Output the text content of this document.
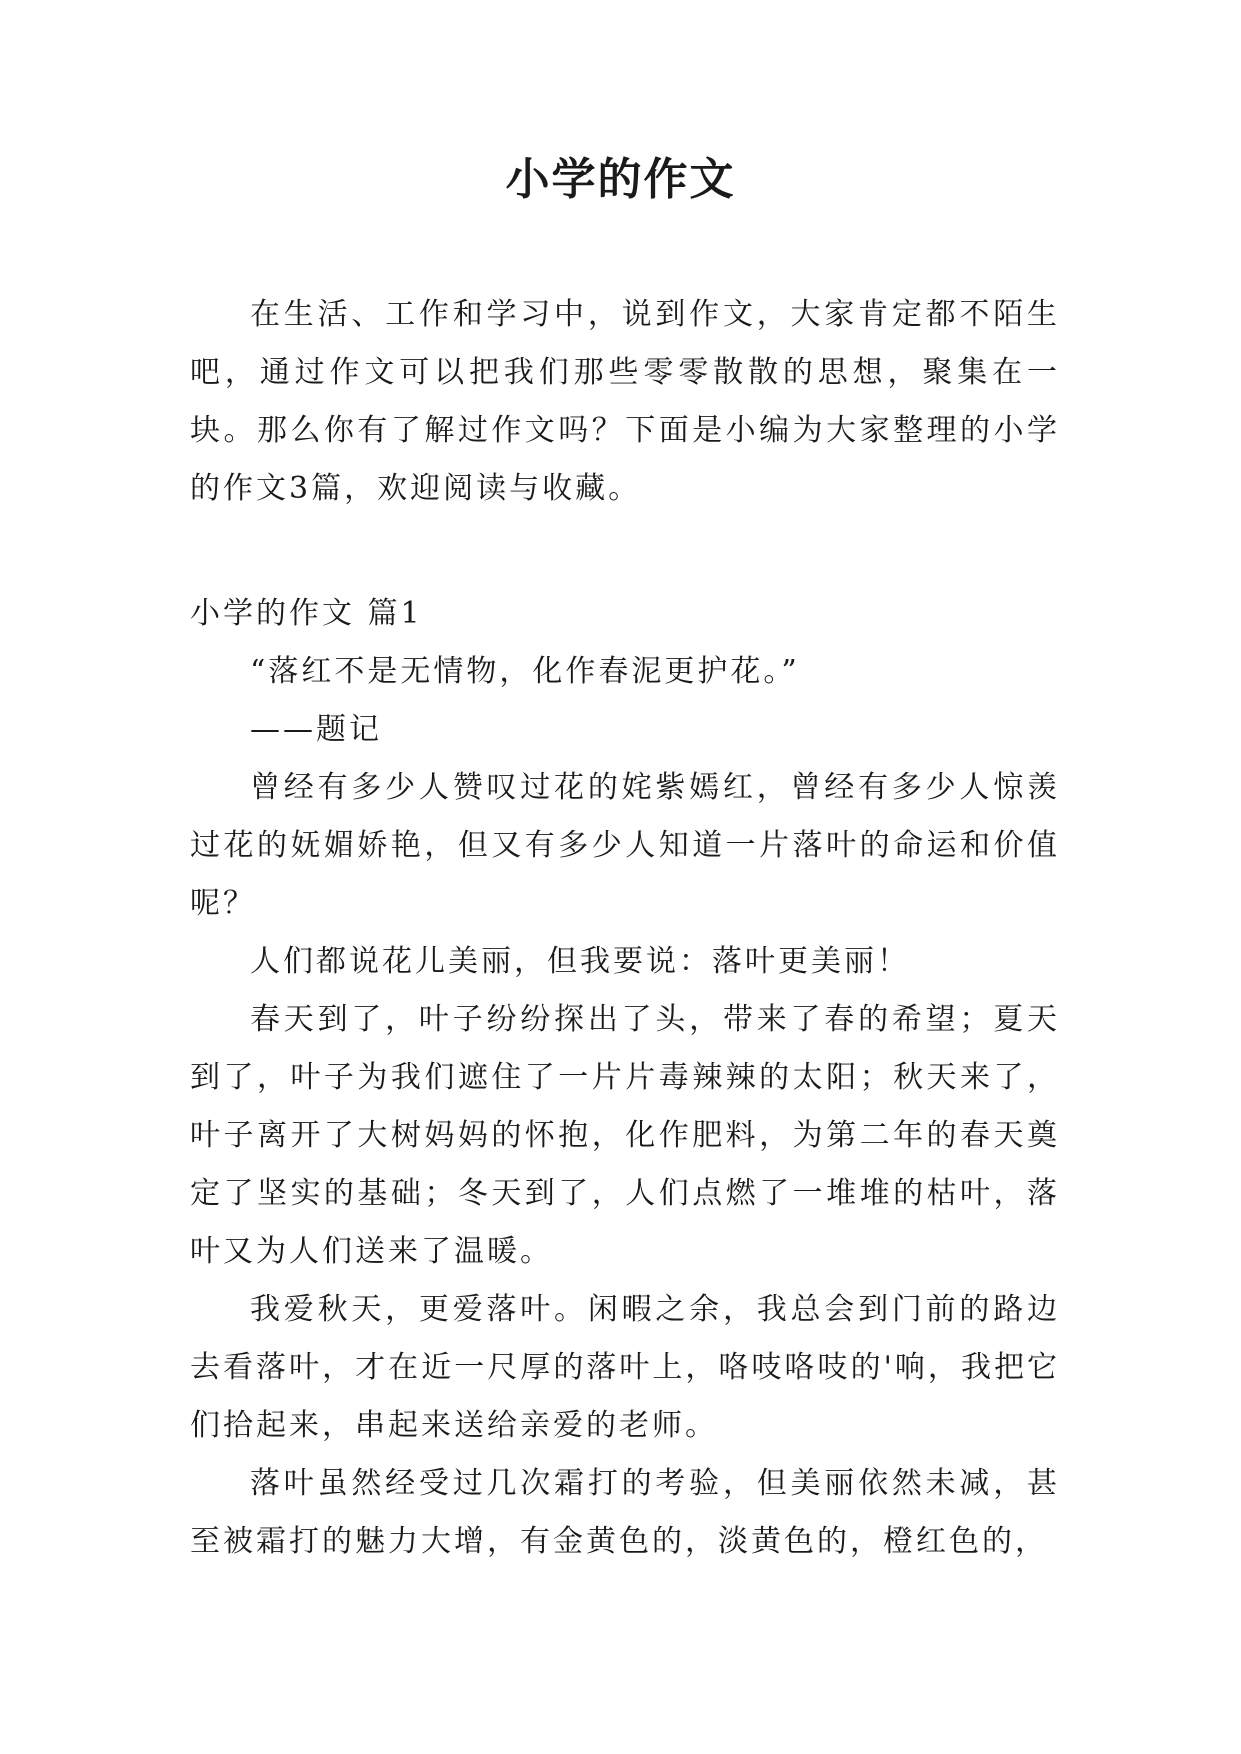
小学的作文

在生活、工作和学习中，说到作文，大家肯定都不陌生吧，通过作文可以把我们那些零零散散的思想，聚集在一块。那么你有了解过作文吗？下面是小编为大家整理的小学的作文3篇，欢迎阅读与收藏。

小学的作文 篇1

“落红不是无情物，化作春泥更护花。”

——题记

曾经有多少人赞叹过花的姹紫嫣红，曾经有多少人惊羡过花的妩媚娇艳，但又有多少人知道一片落叶的命运和价值呢？

人们都说花儿美丽，但我要说：落叶更美丽！

春天到了，叶子纷纷探出了头，带来了春的希望；夏天到了，叶子为我们遮住了一片片毒辣辣的太阳；秋天来了，叶子离开了大树妈妈的怀抱，化作肥料，为第二年的春天奠定了坚实的基础；冬天到了，人们点燃了一堆堆的枯叶，落叶又为人们送来了温暖。

我爱秋天，更爱落叶。闲暇之余，我总会到门前的路边去看落叶，才在近一尺厚的落叶上，咯吱咯吱的'响，我把它们拾起来，串起来送给亲爱的老师。

落叶虽然经受过几次霜打的考验，但美丽依然未减，甚至被霜打的魅力大增，有金黄色的，淡黄色的，橙红色的，
